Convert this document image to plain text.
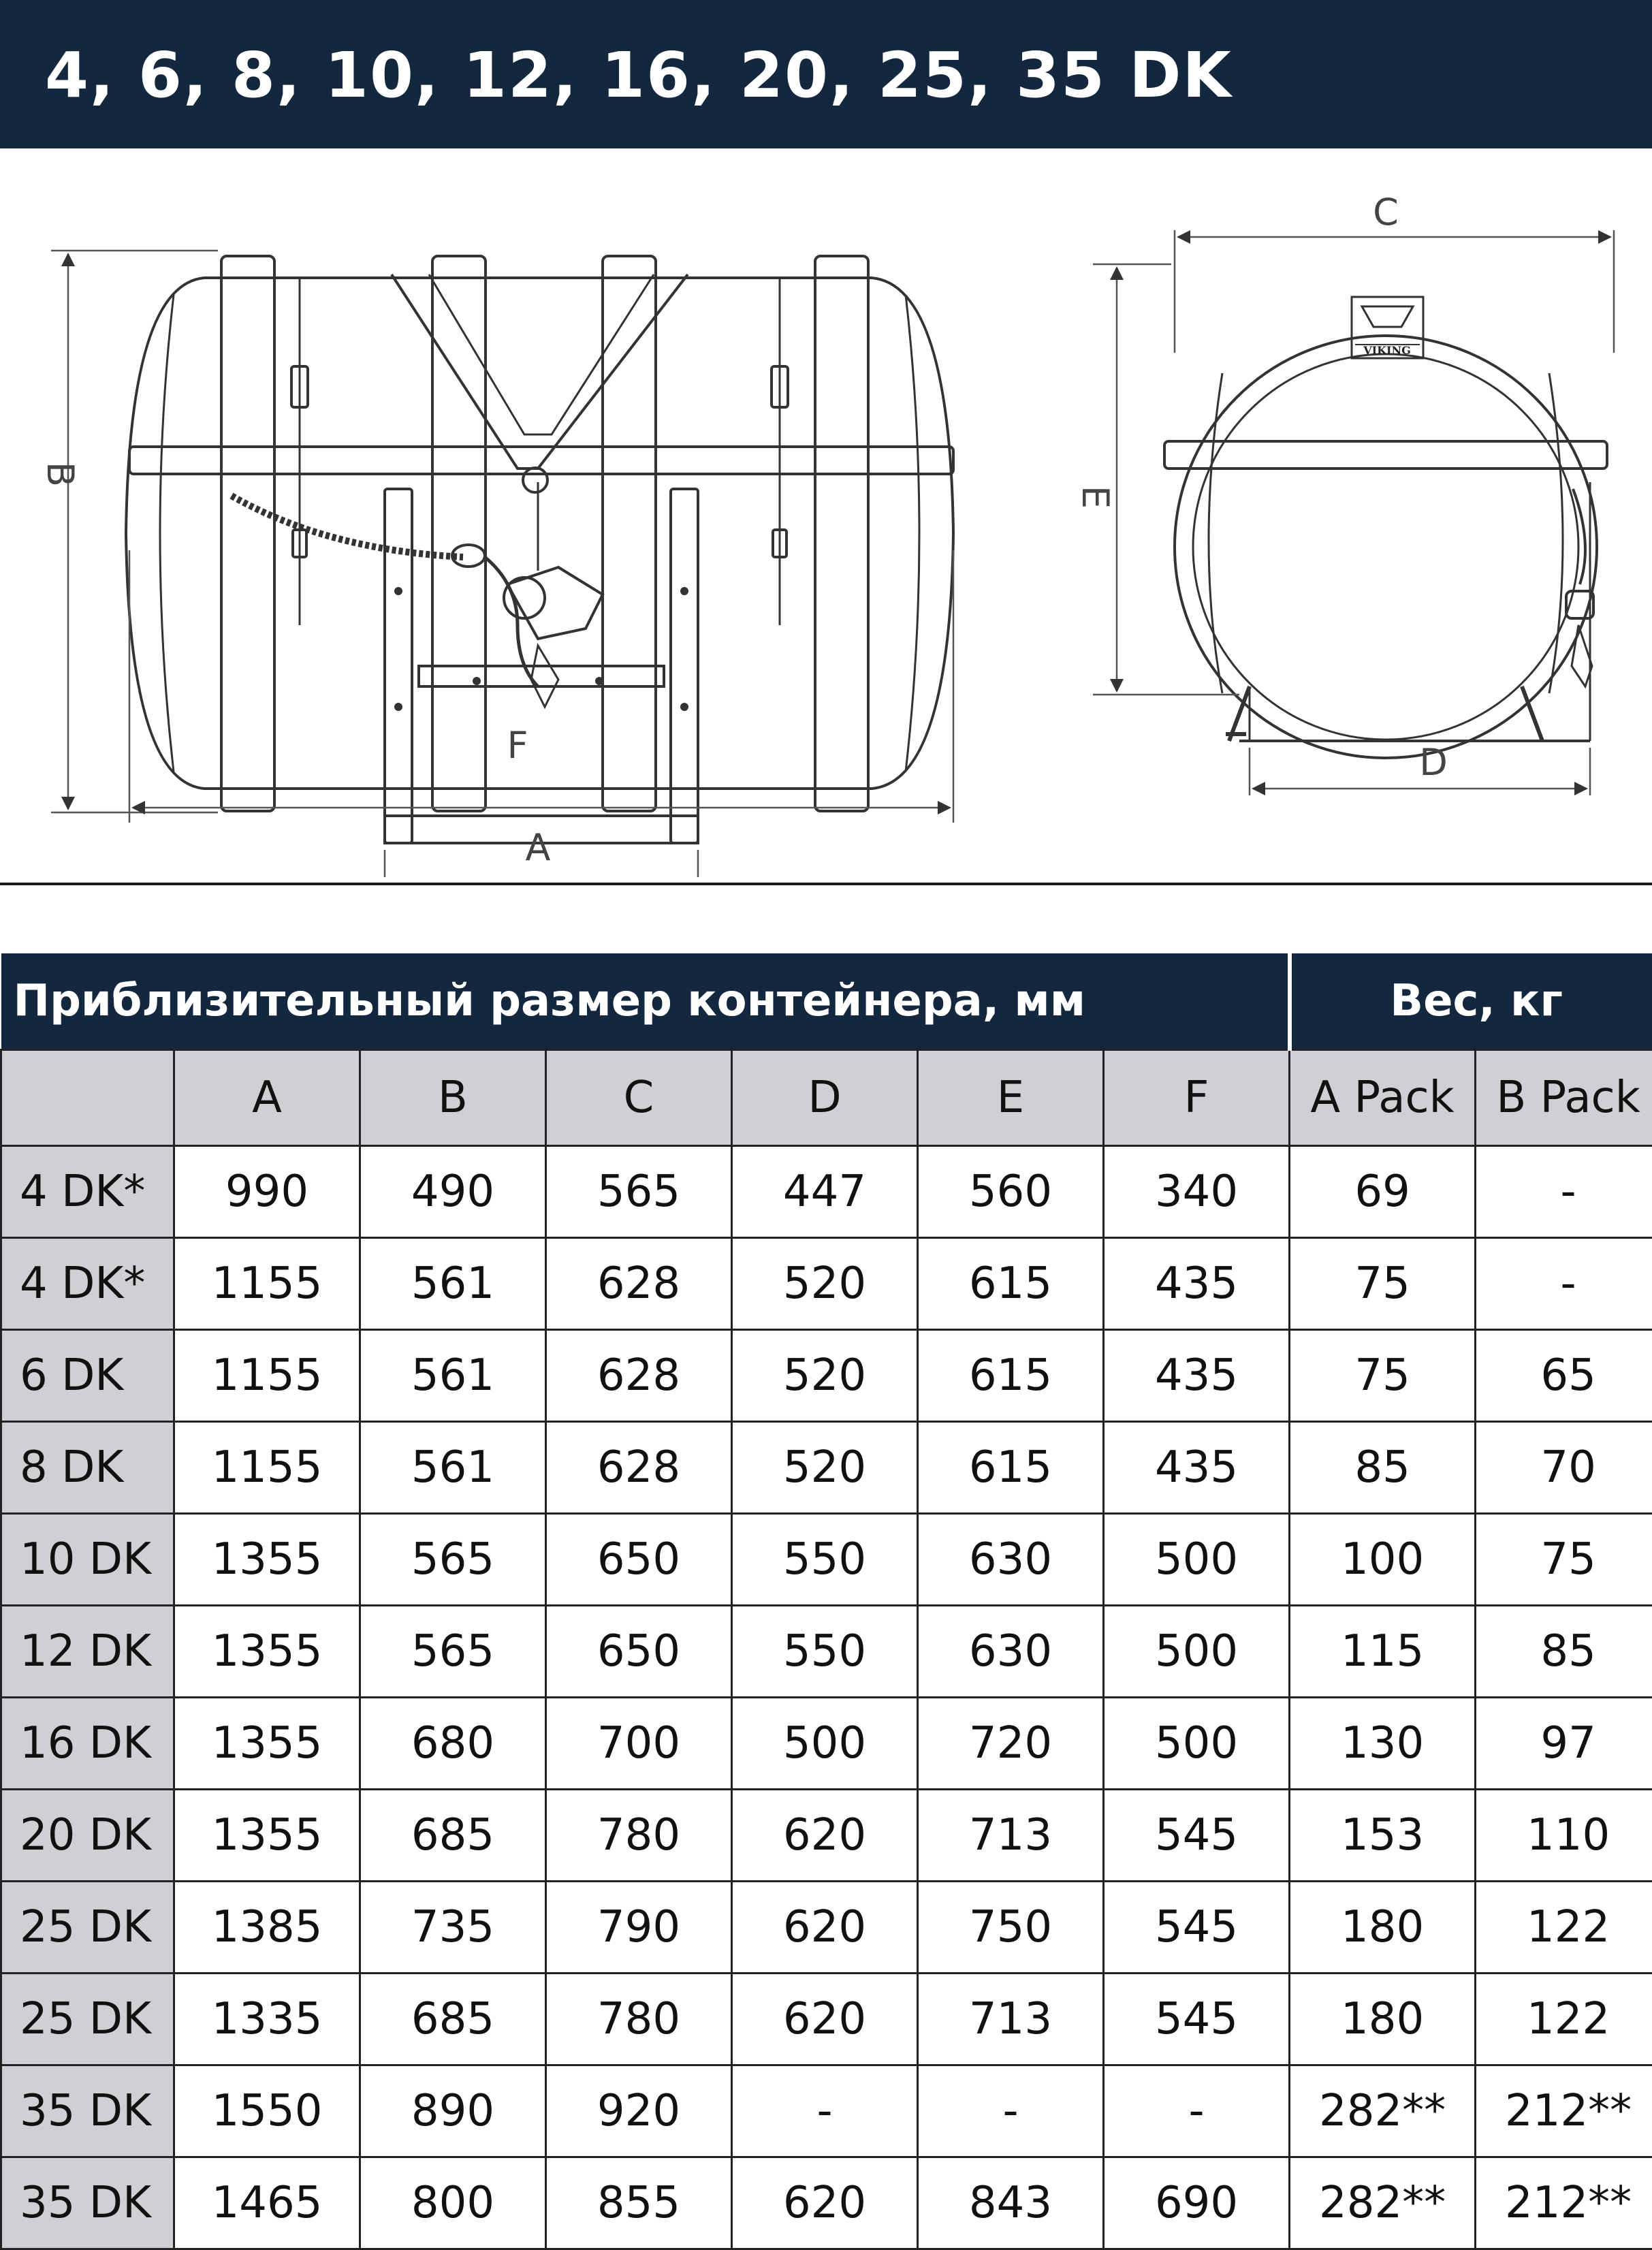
4, 6, 8, 10, 12, 16, 20, 25, 35 DK
VIKING
B
F
A
C
E
D
Приблизительный размер контейнера, мм							Вес, кг	
	A	B	C	D	E	F	A Pack	B Pack
4 DK*	990	490	565	447	560	340	69	-
4 DK*	1155	561	628	520	615	435	75	-
6 DK	1155	561	628	520	615	435	75	65
8 DK	1155	561	628	520	615	435	85	70
10 DK	1355	565	650	550	630	500	100	75
12 DK	1355	565	650	550	630	500	115	85
16 DK	1355	680	700	500	720	500	130	97
20 DK	1355	685	780	620	713	545	153	110
25 DK	1385	735	790	620	750	545	180	122
25 DK	1335	685	780	620	713	545	180	122
35 DK	1550	890	920	-	-	-	282**	212**
35 DK	1465	800	855	620	843	690	282**	212**
